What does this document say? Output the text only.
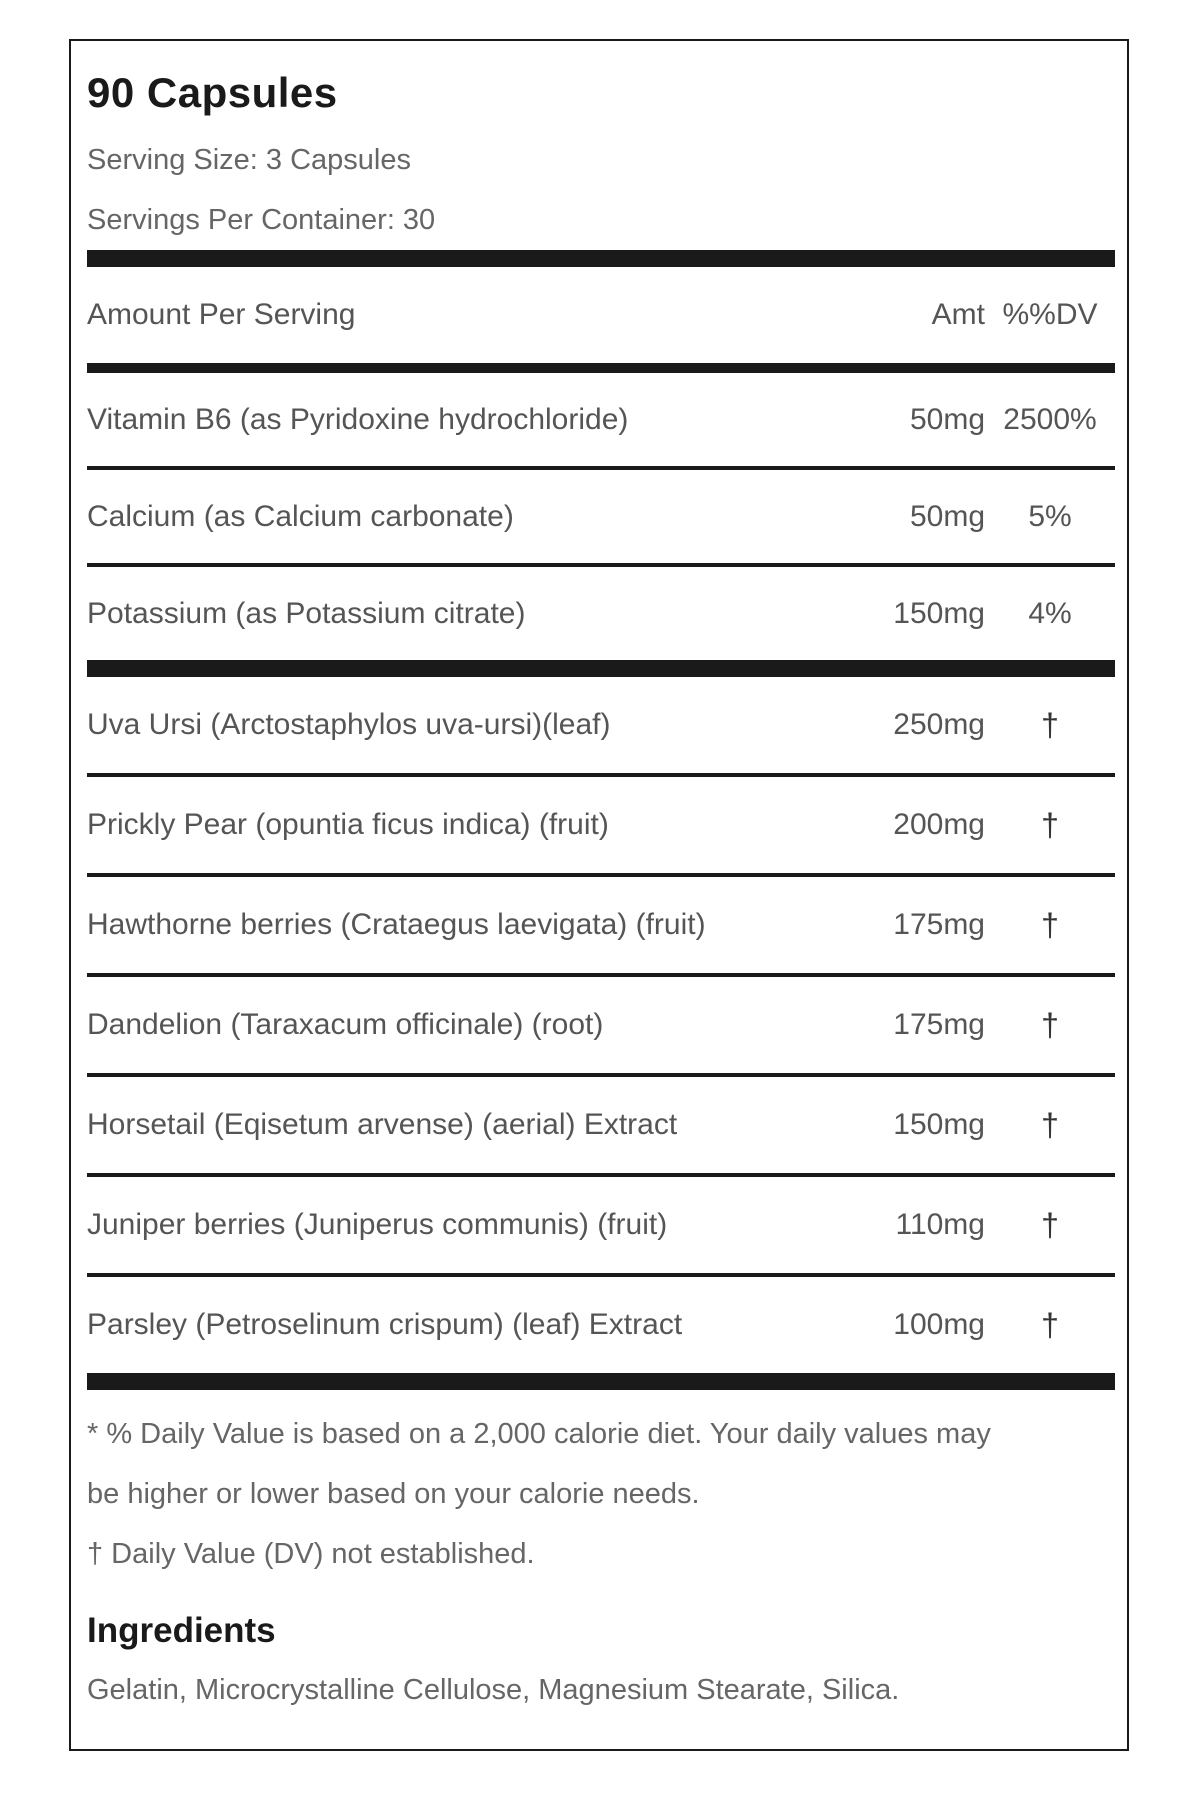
90 Capsules
Serving Size: 3 Capsules
Servings Per Container: 30
Amount Per Serving	Amt %%DV
Vitamin B6 (as Pyridoxine hydrochloride)	50mg 2500%
Calcium (as Calcium carbonate)	50mg	5%
Potassium (as Potassium citrate)	150mg	4%
Uva Ursi (Arctostaphylos uva-ursi)(leaf)	250mg	†
Prickly Pear (opuntia ficus indica) (fruit)	200mg	†
Hawthorne berries (Crataegus laevigata) (fruit)	175mg	†
Dandelion (Taraxacum officinale) (root)	175mg	†
Horsetail (Eqisetum arvense) (aerial) Extract	150mg	†
Juniper berries (Juniperus communis) (fruit)	110mg	†
Parsley (Petroselinum crispum) (leaf) Extract	100mg	†
* % Daily Value is based on a 2,000 calorie diet. Your daily values may
be higher or lower based on your calorie needs.
† Daily Value (DV) not established.
Ingredients
Gelatin, Microcrystalline Cellulose, Magnesium Stearate, Silica.
